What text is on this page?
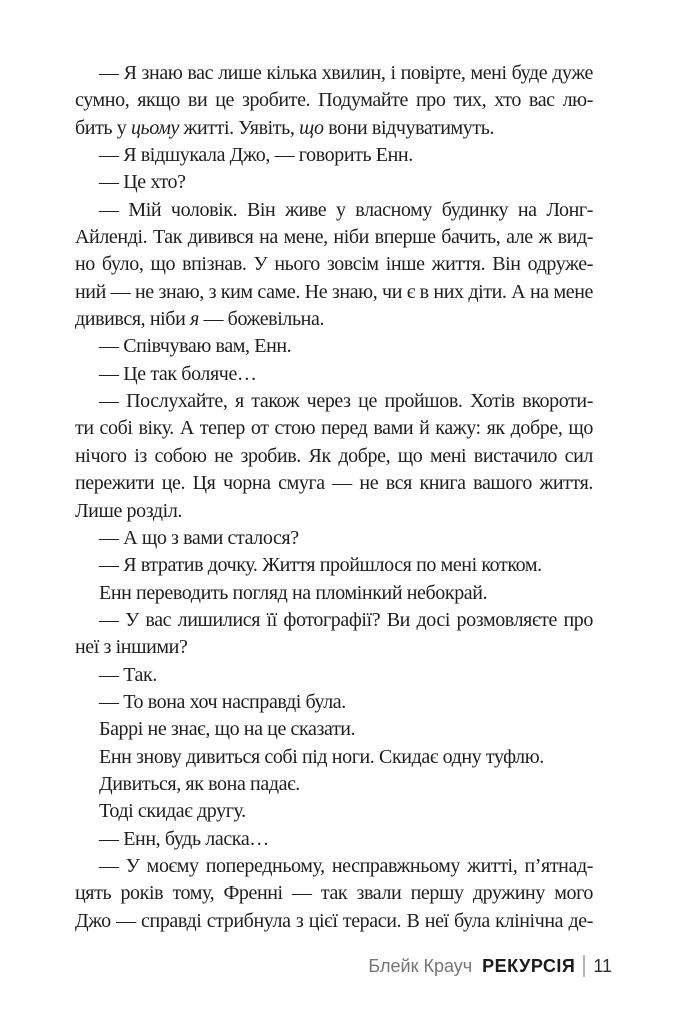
— Я знаю вас лише кілька хвилин, і повірте, мені буде дуже
сумно, якщо ви це зробите. Подумайте про тих, хто вас лю-
бить у цьому житті. Уявіть, що вони відчуватимуть.
— Я відшукала Джо, — говорить Енн.
— Це хто?
— Мій чоловік. Він живе у власному будинку на Лонг-
Айленді. Так дивився на мене, ніби вперше бачить, але ж вид-
но було, що впізнав. У нього зовсім інше життя. Він одруже-
ний — не знаю, з ким саме. Не знаю, чи є в них діти. А на мене
дивився, ніби я — божевільна.
— Співчуваю вам, Енн.
— Це так боляче…
— Послухайте, я також через це пройшов. Хотів вкороти-
ти собі віку. А тепер от стою перед вами й кажу: як добре, що
нічого із собою не зробив. Як добре, що мені вистачило сил
пережити це. Ця чорна смуга — не вся книга вашого життя.
Лише розділ.
— А що з вами сталося?
— Я втратив дочку. Життя пройшлося по мені котком.
Енн переводить погляд на пломінкий небокрай.
— У вас лишилися її фотографії? Ви досі розмовляєте про
неї з іншими?
— Так.
— То вона хоч насправді була.
Баррі не знає, що на це сказати.
Енн знову дивиться собі під ноги. Скидає одну туфлю.
Дивиться, як вона падає.
Тоді скидає другу.
— Енн, будь ласка…
— У моєму попередньому, несправжньому житті, п’ятнад-
цять років тому, Френні — так звали першу дружину мого
Джо — справді стрибнула з цієї тераси. В неї була клінічна де-
Блейк Крауч РЕКУРСІЯ 11
